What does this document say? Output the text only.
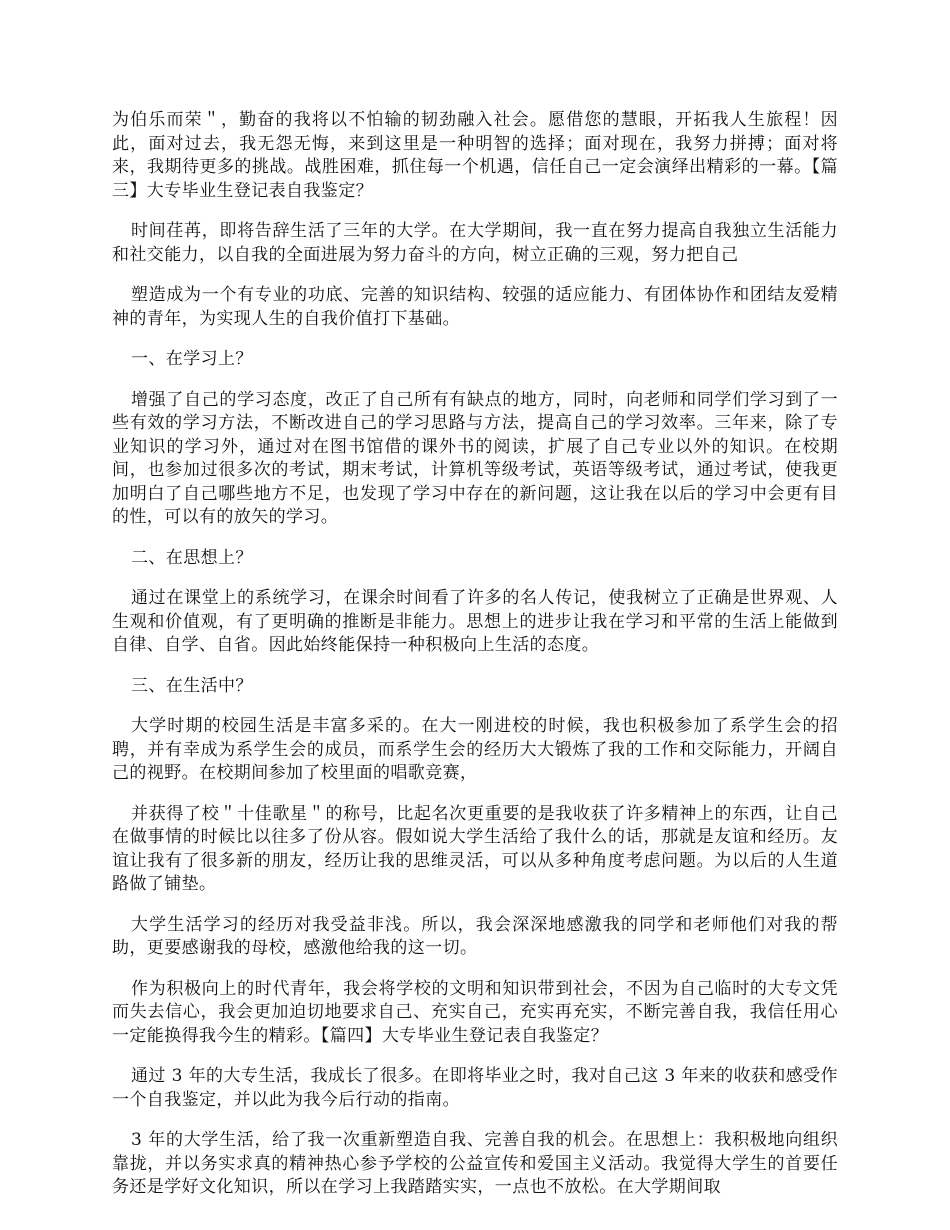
为伯乐而荣＂，勤奋的我将以不怕输的韧劲融入社会。愿借您的慧眼，开拓我人生旅程！因此，面对过去，我无怨无悔，来到这里是一种明智的选择；面对现在，我努力拼搏；面对将来，我期待更多的挑战。战胜困难，抓住每一个机遇，信任自己一定会演绎出精彩的一幕。【篇三】大专毕业生登记表自我鉴定？

时间荏苒，即将告辞生活了三年的大学。在大学期间，我一直在努力提高自我独立生活能力和社交能力，以自我的全面进展为努力奋斗的方向，树立正确的三观，努力把自己

塑造成为一个有专业的功底、完善的知识结构、较强的适应能力、有团体协作和团结友爱精神的青年，为实现人生的自我价值打下基础。

一、在学习上？

增强了自己的学习态度，改正了自己所有有缺点的地方，同时，向老师和同学们学习到了一些有效的学习方法，不断改进自己的学习思路与方法，提高自己的学习效率。三年来，除了专业知识的学习外，通过对在图书馆借的课外书的阅读，扩展了自己专业以外的知识。在校期间，也参加过很多次的考试，期末考试，计算机等级考试，英语等级考试，通过考试，使我更加明白了自己哪些地方不足，也发现了学习中存在的新问题，这让我在以后的学习中会更有目的性，可以有的放矢的学习。

二、在思想上？

通过在课堂上的系统学习，在课余时间看了许多的名人传记，使我树立了正确是世界观、人生观和价值观，有了更明确的推断是非能力。思想上的进步让我在学习和平常的生活上能做到自律、自学、自省。因此始终能保持一种积极向上生活的态度。

三、在生活中？

大学时期的校园生活是丰富多采的。在大一刚进校的时候，我也积极参加了系学生会的招聘，并有幸成为系学生会的成员，而系学生会的经历大大锻炼了我的工作和交际能力，开阔自己的视野。在校期间参加了校里面的唱歌竞赛，

并获得了校＂十佳歌星＂的称号，比起名次更重要的是我收获了许多精神上的东西，让自己在做事情的时候比以往多了份从容。假如说大学生活给了我什么的话，那就是友谊和经历。友谊让我有了很多新的朋友，经历让我的思维灵活，可以从多种角度考虑问题。为以后的人生道路做了铺垫。

大学生活学习的经历对我受益非浅。所以，我会深深地感激我的同学和老师他们对我的帮助，更要感谢我的母校，感激他给我的这一切。

作为积极向上的时代青年，我会将学校的文明和知识带到社会，不因为自己临时的大专文凭而失去信心，我会更加迫切地要求自己、充实自己，充实再充实，不断完善自我，我信任用心一定能换得我今生的精彩。【篇四】大专毕业生登记表自我鉴定？

通过 3 年的大专生活，我成长了很多。在即将毕业之时，我对自己这 3 年来的收获和感受作一个自我鉴定，并以此为我今后行动的指南。

3 年的大学生活，给了我一次重新塑造自我、完善自我的机会。在思想上：我积极地向组织靠拢，并以务实求真的精神热心参予学校的公益宣传和爱国主义活动。我觉得大学生的首要任务还是学好文化知识，所以在学习上我踏踏实实，一点也不放松。在大学期间取
